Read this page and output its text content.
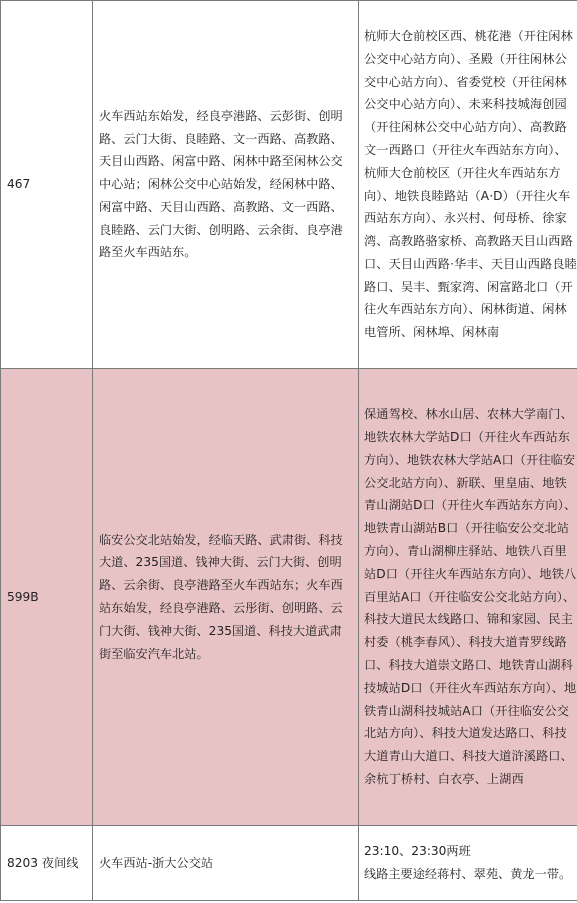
467	火车西站东始发，经良亭港路、云彭街、创明路、云门大街、良睦路、文一西路、高教路、天目山西路、闲富中路、闲林中路至闲林公交中心站；闲林公交中心站始发，经闲林中路、闲富中路、天目山西路、高教路、文一西路、良睦路、云门大街、创明路、云余街、良亭港路至火车西站东。	杭师大仓前校区西、桃花港（开往闲林公交中心站方向）、圣殿（开往闲林公交中心站方向）、省委党校（开往闲林公交中心站方向）、未来科技城海创园（开往闲林公交中心站方向）、高教路文一西路口（开往火车西站东方向）、杭师大仓前校区（开往火车西站东方向）、地铁良睦路站（A·D）（开往火车西站东方向）、永兴村、何母桥、徐家湾、高教路骆家桥、高教路天目山西路口、天目山西路·华丰、天目山西路良睦路口、吴丰、甄家湾、闲富路北口（开往火车西站东方向）、闲林街道、闲林电管所、闲林埠、闲林南
599B	临安公交北站始发，经临天路、武肃街、科技大道、235国道、钱神大街、云门大街、创明路、云余街、良亭港路至火车西站东；火车西站东始发，经良亭港路、云彤街、创明路、云门大街、钱神大街、235国道、科技大道武肃街至临安汽车北站。	保通驾校、林水山居、农林大学南门、地铁农林大学站D口（开往火车西站东方向）、地铁农林大学站A口（开往临安公交北站方向）、新联、里皇庙、地铁青山湖站D口（开往火车西站东方向）、地铁青山湖站B口（开往临安公交北站方向）、青山湖柳庄驿站、地铁八百里站D口（开往火车西站东方向）、地铁八百里站A口（开往临安公交北站方向）、科技大道民太线路口、锦和家园、民主村委（桃李春风）、科技大道青罗线路口、科技大道崇文路口、地铁青山湖科技城站D口（开往火车西站东方向）、地铁青山湖科技城站A口（开往临安公交北站方向）、科技大道发达路口、科技大道青山大道口、科技大道浒溪路口、余杭丁桥村、白衣亭、上湖西
8203 夜间线	火车西站-浙大公交站	23:10、23:30两班
线路主要途经蒋村、翠苑、黄龙一带。
